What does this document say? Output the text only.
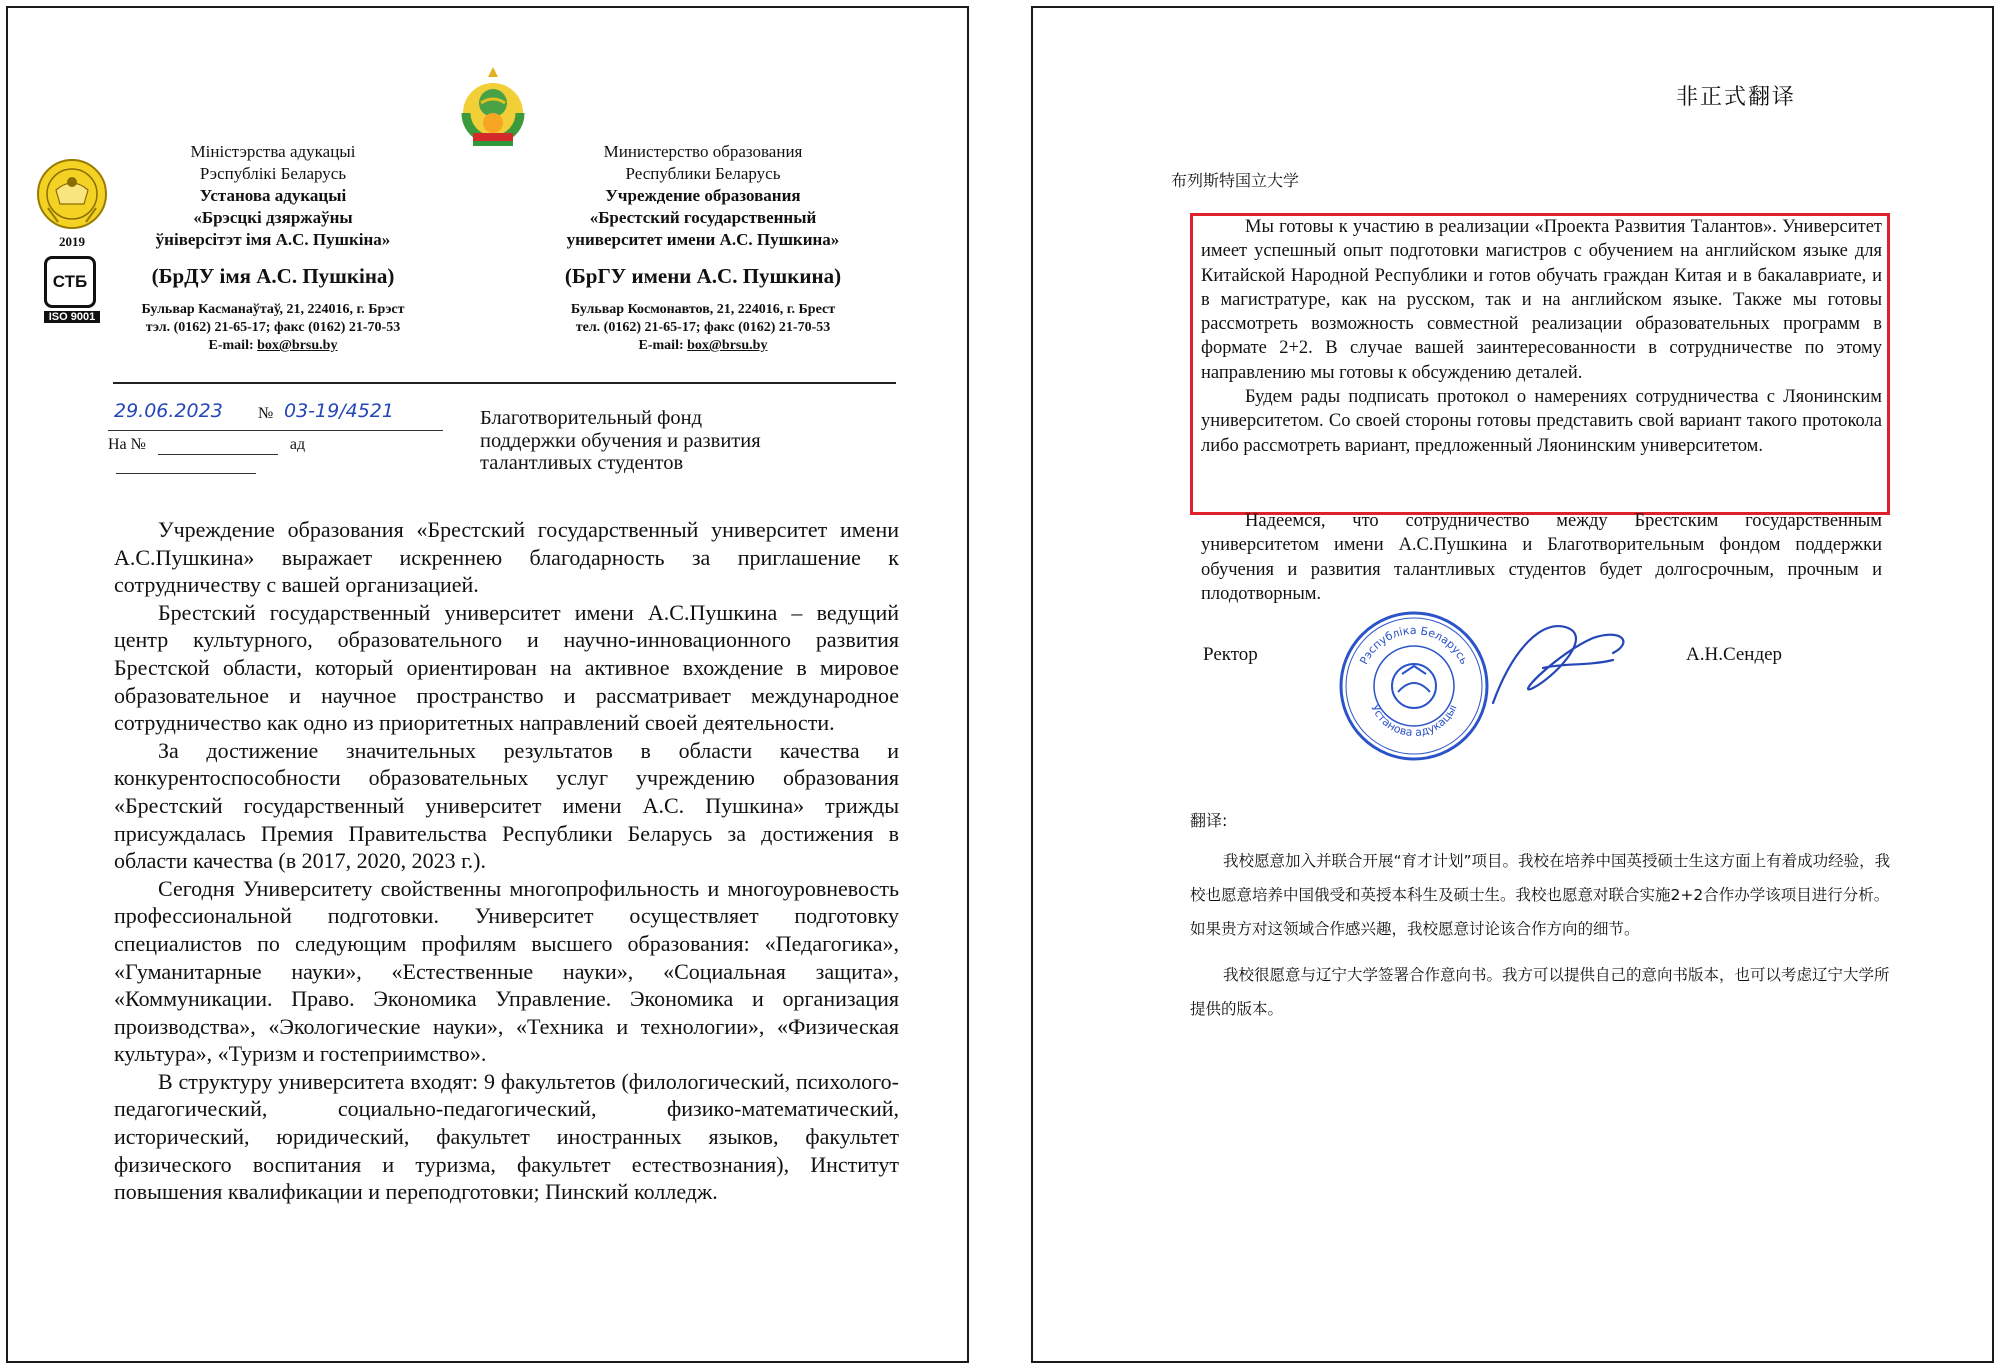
2019
СТБ
ISO 9001
Міністэрства адукацыі
Рэспублікі Беларусь
Установа адукацыі
«Брэсцкі дзяржаўны
ўніверсітэт імя А.С. Пушкіна»
(БрДУ імя А.С. Пушкіна)
Бульвар Касманаўтаў, 21, 224016, г. Брэст
тэл. (0162) 21-65-17; факс (0162) 21-70-53
E-mail: box@brsu.by
Министерство образования
Республики Беларусь
Учреждение образования
«Брестский государственный
университет имени А.С. Пушкина»
(БрГУ имени А.С. Пушкина)
Бульвар Космонавтов, 21, 224016, г. Брест
тел. (0162) 21-65-17; факс (0162) 21-70-53
E-mail: box@brsu.by
29.06.2023 № 03-19/4521
На №	ад
Благотворительный фонд
поддержки обучения и развития
талантливых студентов

Учреждение образования «Брестский государственный университет имени А.С.Пушкина» выражает искреннею благодарность за приглашение к сотрудничеству с вашей организацией.

Брестский государственный университет имени А.С.Пушкина – ведущий центр культурного, образовательного и научно-инновационного развития Брестской области, который ориентирован на активное вхождение в мировое образовательное и научное пространство и рассматривает международное сотрудничество как одно из приоритетных направлений своей деятельности.

За достижение значительных результатов в области качества и конкурентоспособности образовательных услуг учреждению образования «Брестский государственный университет имени А.С. Пушкина» трижды присуждалась Премия Правительства Республики Беларусь за достижения в области качества (в 2017, 2020, 2023 г.).

Сегодня Университету свойственны многопрофильность и многоуровневость профессиональной подготовки. Университет осуществляет подготовку специалистов по следующим профилям высшего образования: «Педагогика», «Гуманитарные науки», «Естественные науки», «Социальная защита», «Коммуникации. Право. Экономика Управление. Экономика и организация производства», «Экологические науки», «Техника и технологии», «Физическая культура», «Туризм и гостеприимство».

В структуру университета входят: 9 факультетов (филологический, психолого-педагогический, социально-педагогический, физико-математический, исторический, юридический, факультет иностранных языков, факультет физического воспитания и туризма, факультет естествознания), Институт повышения квалификации и переподготовки; Пинский колледж.

非正式翻译
布列斯特国立大学

Мы готовы к участию в реализации «Проекта Развития Талантов». Университет имеет успешный опыт подготовки магистров с обучением на английском языке для Китайской Народной Республики и готов обучать граждан Китая и в бакалавриате, и в магистратуре, как на русском, так и на английском языке. Также мы готовы рассмотреть возможность совместной реализации образовательных программ в формате 2+2. В случае вашей заинтересованности в сотрудничестве по этому направлению мы готовы к обсуждению деталей.

Будем рады подписать протокол о намерениях сотрудничества с Ляонинским университетом. Со своей стороны готовы представить свой вариант такого протокола либо рассмотреть вариант, предложенный Ляонинским университетом.

Надеемся, что сотрудничество между Брестским государственным университетом имени А.С.Пушкина и Благотворительным фондом поддержки обучения и развития талантливых студентов будет долгосрочным, прочным и плодотворным.

Ректор	А.Н.Сендер
Рэспубліка Беларусь
Установа адукацыі
翻译:

我校愿意加入并联合开展“育才计划”项目。我校在培养中国英授硕士生这方面上有着成功经验，我校也愿意培养中国俄受和英授本科生及硕士生。我校也愿意对联合实施2+2合作办学该项目进行分析。如果贵方对这领域合作感兴趣，我校愿意讨论该合作方向的细节。

我校很愿意与辽宁大学签署合作意向书。我方可以提供自己的意向书版本，也可以考虑辽宁大学所提供的版本。
